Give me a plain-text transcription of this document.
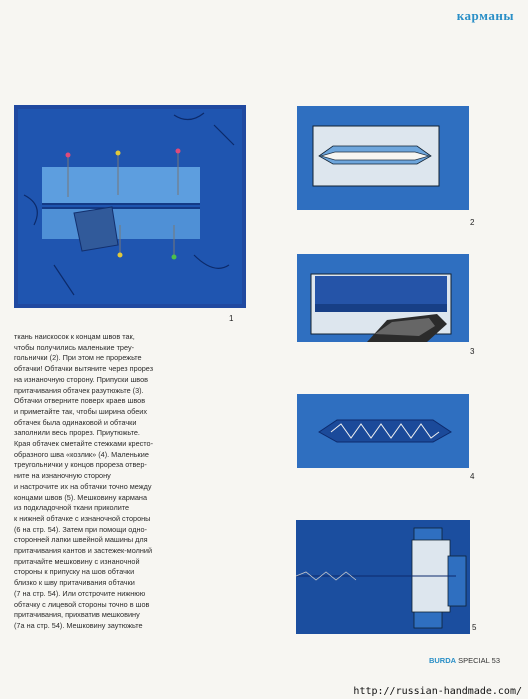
карманы
1
2
3
4
5
ткань наискосок к концам швов так,
чтобы получились маленькие треу-
гольнички (2). При этом не прорежьте
обтачки! Обтачки вытяните через прорез
на изнаночную сторону. Припуски швов
притачивания обтачек разутюжьте (3).
Обтачки отверните поверх краев швов
и приметайте так, чтобы ширина обеих
обтачек была одинаковой и обтачки
заполнили весь прорез. Приутюжьте.
Края обтачек сметайте стежками кресто-
образного шва «козлик» (4). Маленькие
треугольнички у концов прорезa отвер-
ните на изнаночную сторону
и настрочите их на обтачки точно между
концами швов (5). Мешковину кармана
из подкладочной ткани приколите
к нижней обтачке с изнаночной стороны
(6 на стр. 54). Затем при помощи одно-
сторонней лапки швейной машины для
притачивания кантов и застежек-молний
притачайте мешковину с изнаночной
стороны к припуску на шов обтачки
близко к шву притачивания обтачки
(7 на стр. 54). Или отстрочите нижнюю
обтачку с лицевой стороны точно в шов
притачивания, прихватив мешковину
(7а на стр. 54). Мешковину заутюжьте
BURDA SPECIAL 53
http://russian-handmade.com/
